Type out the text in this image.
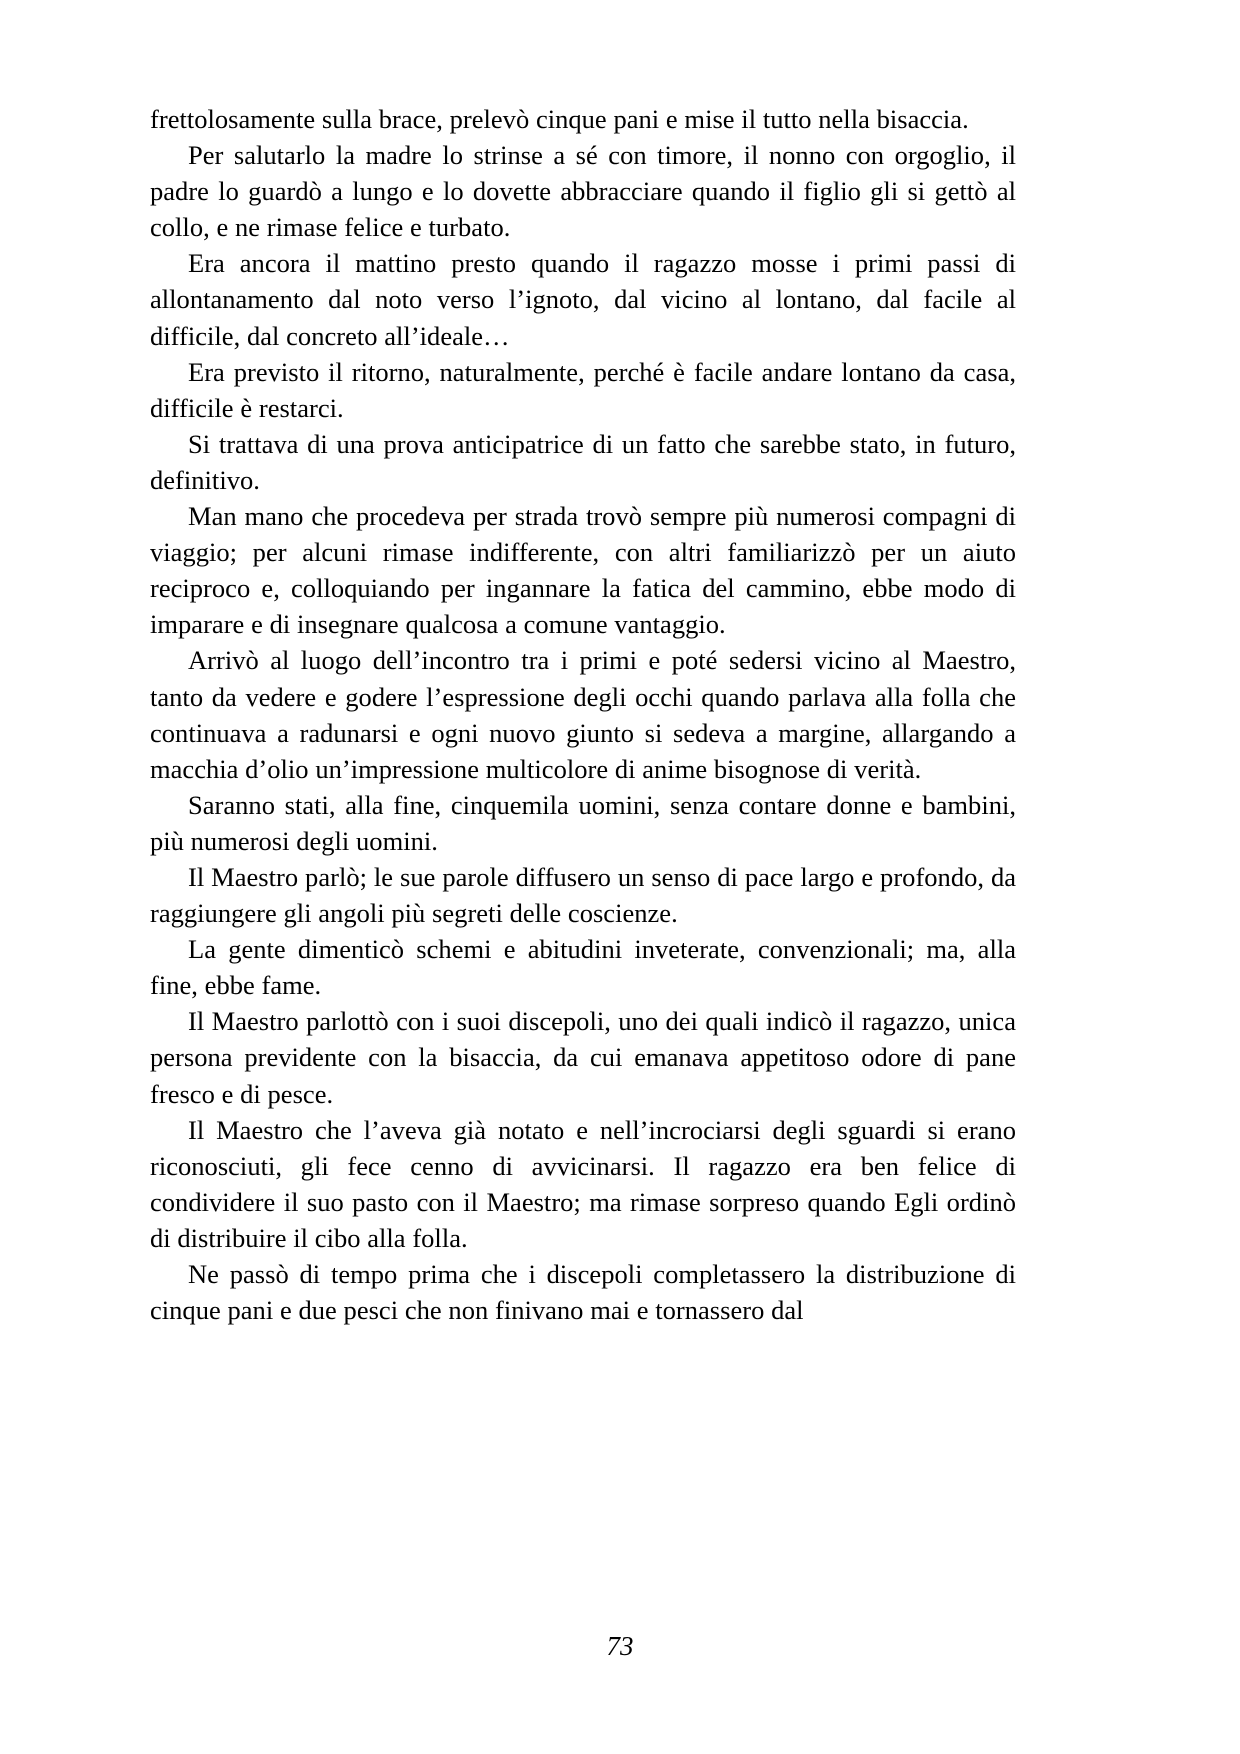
frettolosamente sulla brace, prelevò cinque pani e mise il tutto nella bisaccia.

Per salutarlo la madre lo strinse a sé con timore, il nonno con orgoglio, il padre lo guardò a lungo e lo dovette abbracciare quando il figlio gli si gettò al collo, e ne rimase felice e turbato.

Era ancora il mattino presto quando il ragazzo mosse i primi passi di allontanamento dal noto verso l’ignoto, dal vicino al lontano, dal facile al difficile, dal concreto all’ideale…

Era previsto il ritorno, naturalmente, perché è facile andare lontano da casa, difficile è restarci.

Si trattava di una prova anticipatrice di un fatto che sarebbe stato, in futuro, definitivo.

Man mano che procedeva per strada trovò sempre più numerosi compagni di viaggio; per alcuni rimase indifferente, con altri familiarizzò per un aiuto reciproco e, colloquiando per ingannare la fatica del cammino, ebbe modo di imparare e di insegnare qualcosa a comune vantaggio.

Arrivò al luogo dell’incontro tra i primi e poté sedersi vicino al Maestro, tanto da vedere e godere l’espressione degli occhi quando parlava alla folla che continuava a radunarsi e ogni nuovo giunto si sedeva a margine, allargando a macchia d’olio un’impressione multicolore di anime bisognose di verità.

Saranno stati, alla fine, cinquemila uomini, senza contare donne e bambini, più numerosi degli uomini.

Il Maestro parlò; le sue parole diffusero un senso di pace largo e profondo, da raggiungere gli angoli più segreti delle coscienze.

La gente dimenticò schemi e abitudini inveterate, convenzionali; ma, alla fine, ebbe fame.

Il Maestro parlottò con i suoi discepoli, uno dei quali indicò il ragazzo, unica persona previdente con la bisaccia, da cui emanava appetitoso odore di pane fresco e di pesce.

Il Maestro che l’aveva già notato e nell’incrociarsi degli sguardi si erano riconosciuti, gli fece cenno di avvicinarsi. Il ragazzo era ben felice di condividere il suo pasto con il Maestro; ma rimase sorpreso quando Egli ordinò di distribuire il cibo alla folla.

Ne passò di tempo prima che i discepoli completassero la distribuzione di cinque pani e due pesci che non finivano mai e tornassero dal

73
